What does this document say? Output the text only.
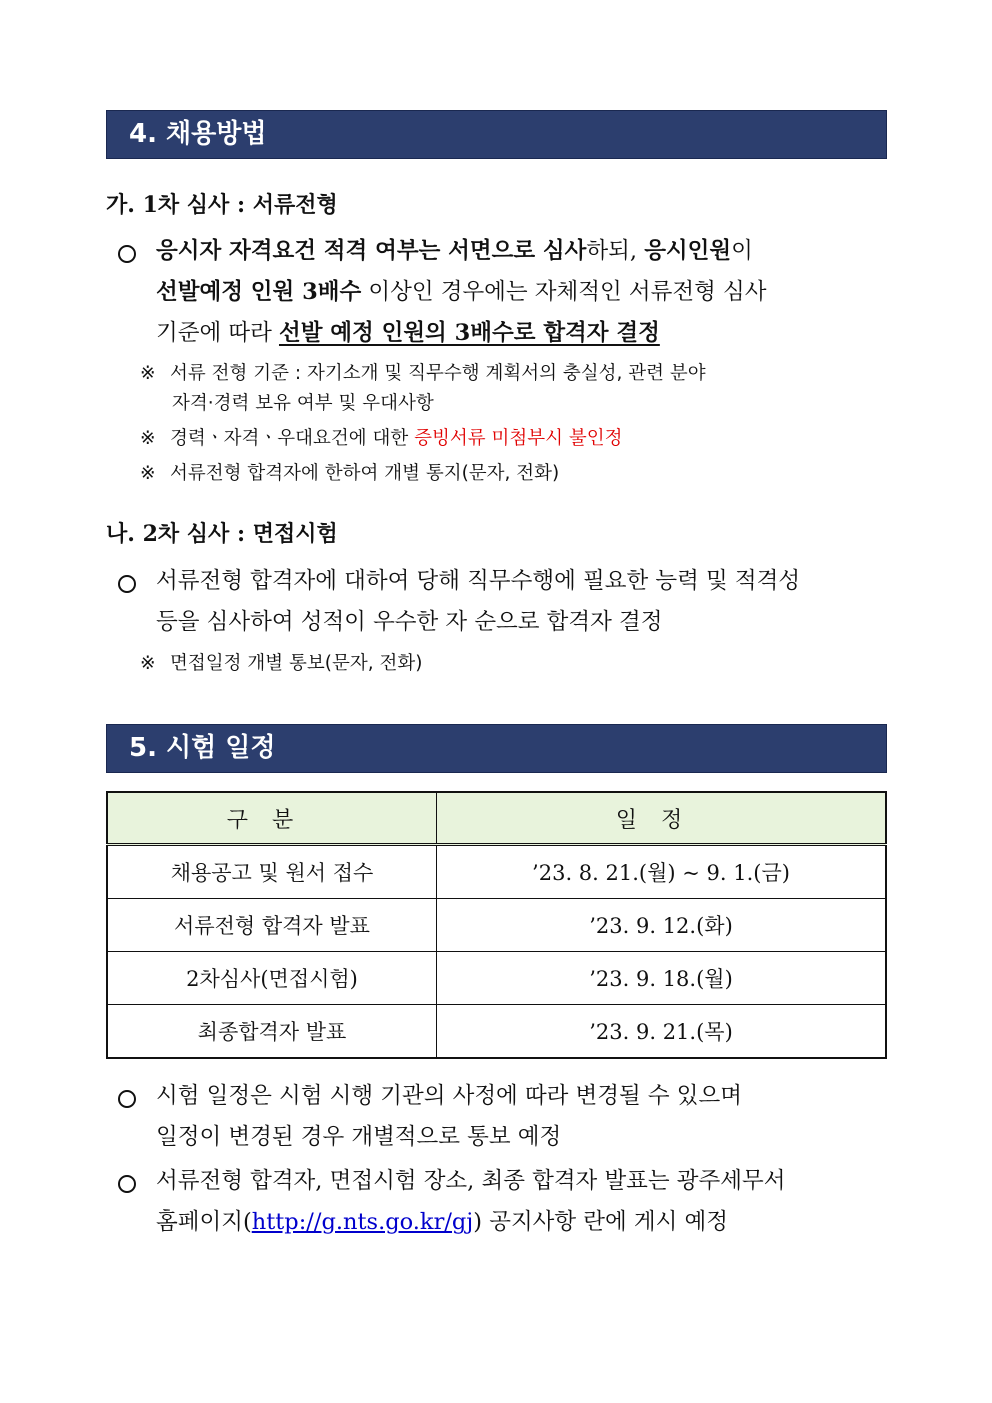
4. 채용방법
가. 1차 심사 : 서류전형
응시자 자격요건 적격 여부는 서면으로 심사하되, 응시인원이
선발예정 인원 3배수 이상인 경우에는 자체적인 서류전형 심사
기준에 따라 선발 예정 인원의 3배수로 합격자 결정
※ 서류 전형 기준 : 자기소개 및 직무수행 계획서의 충실성, 관련 분야
자격·경력 보유 여부 및 우대사항
※ 경력ㆍ자격ㆍ우대요건에 대한 증빙서류 미첨부시 불인정
※ 서류전형 합격자에 한하여 개별 통지(문자, 전화)
나. 2차 심사 : 면접시험
서류전형 합격자에 대하여 당해 직무수행에 필요한 능력 및 적격성
등을 심사하여 성적이 우수한 자 순으로 합격자 결정
※ 면접일정 개별 통보(문자, 전화)
5. 시험 일정
구분	일정
채용공고 및 원서 접수	’23. 8. 21.(월) ~ 9. 1.(금)
서류전형 합격자 발표	’23. 9. 12.(화)
2차심사(면접시험)	’23. 9. 18.(월)
최종합격자 발표	’23. 9. 21.(목)
시험 일정은 시험 시행 기관의 사정에 따라 변경될 수 있으며
일정이 변경된 경우 개별적으로 통보 예정
서류전형 합격자, 면접시험 장소, 최종 합격자 발표는 광주세무서
홈페이지(http://g.nts.go.kr/gj) 공지사항 란에 게시 예정
